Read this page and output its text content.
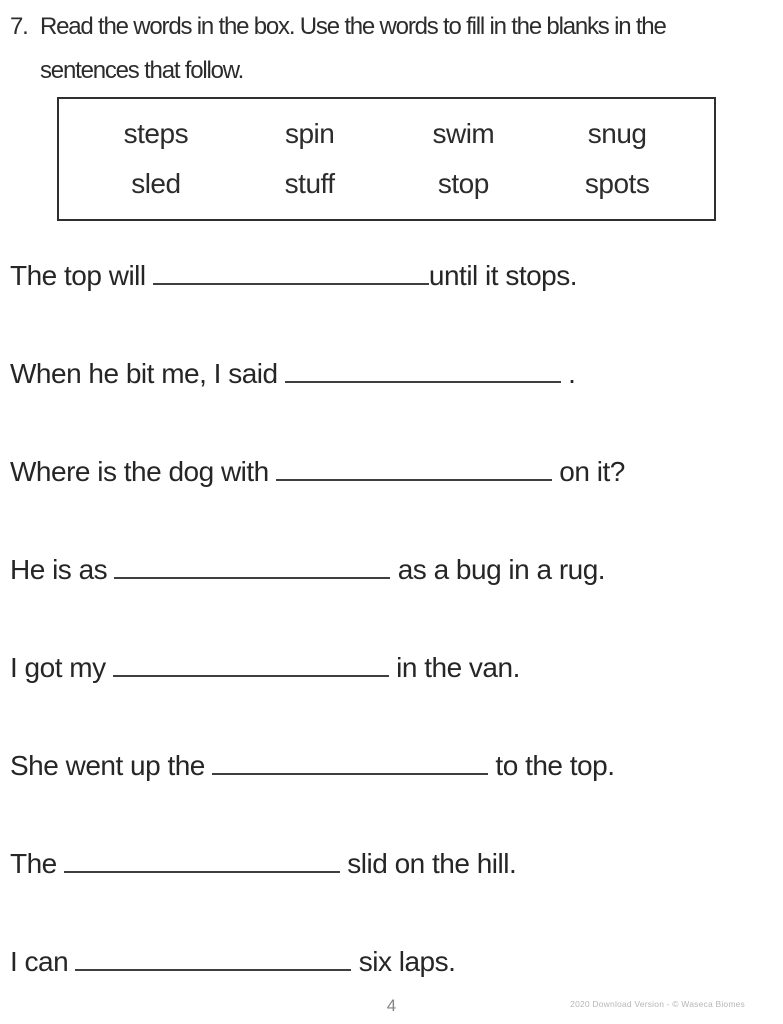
7. Read the words in the box. Use the words to fill in the blanks in the
sentences that follow.
steps	spin	swim	snug
sled	stuff	stop	spots
The top will	until it stops.
When he bit me, I said	.
Where is the dog with	on it?
He is as	as a bug in a rug.
I got my	in the van.
She went up the	to the top.
The	slid on the hill.
I can	six laps.
4	2020 Download Version - © Waseca Biomes
